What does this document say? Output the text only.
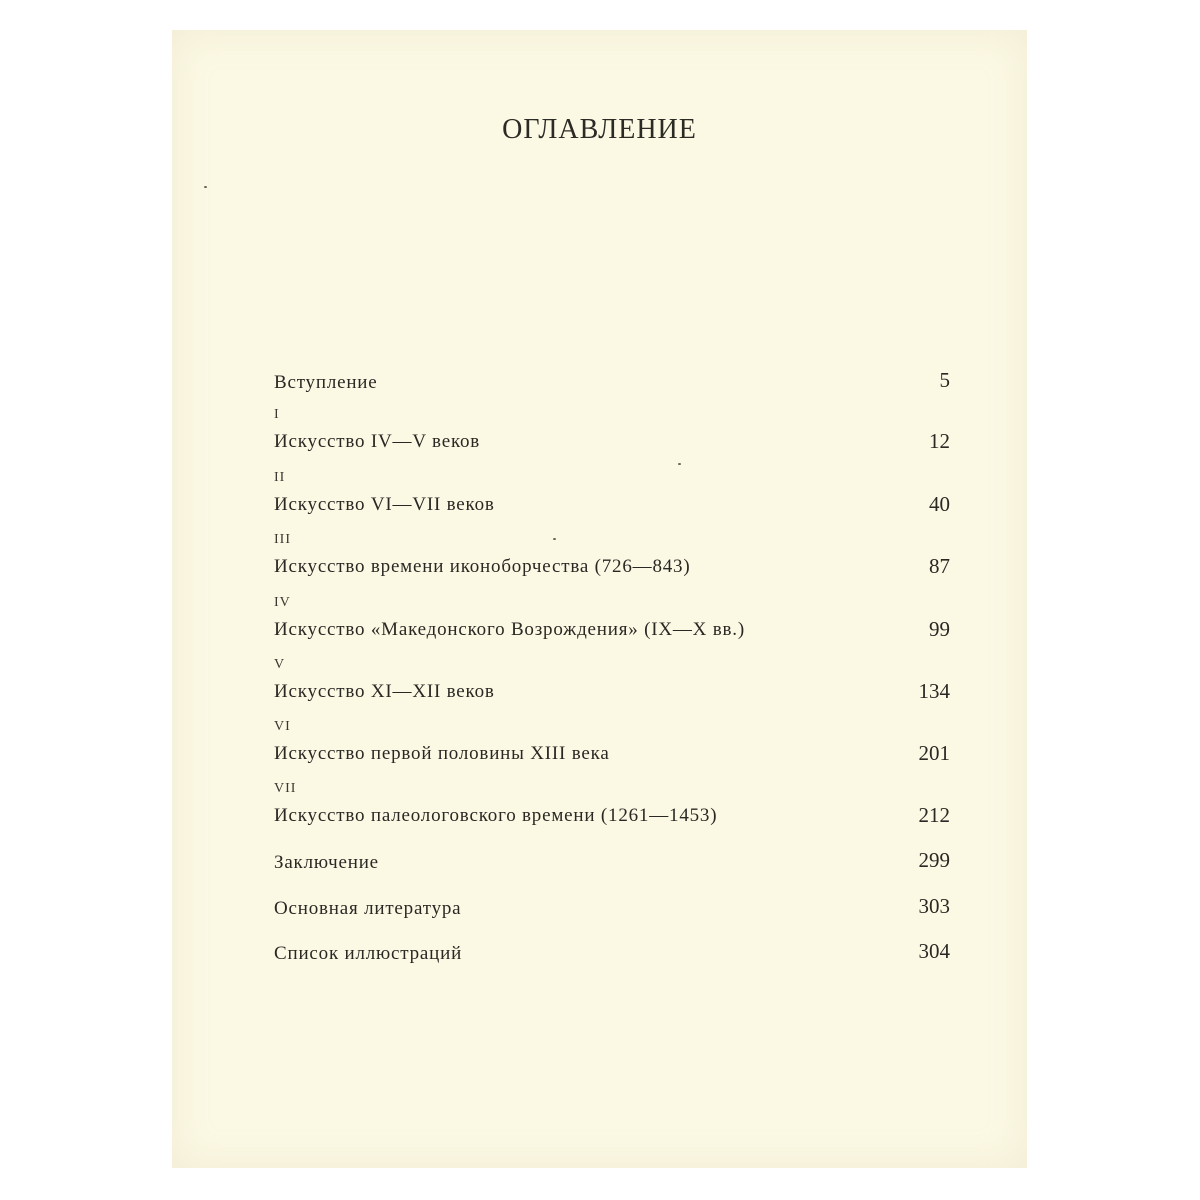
ОГЛАВЛЕНИЕ
Вступление	5
I
Искусство IV—V веков	12
II
Искусство VI—VII веков	40
III
Искусство времени иконоборчества (726—843)	87
IV
Искусство «Македонского Возрождения» (IX—X вв.)	99
V
Искусство XI—XII веков	134
VI
Искусство первой половины XIII века	201
VII
Искусство палеологовского времени (1261—1453)	212
Заключение	299
Основная литература	303
Список иллюстраций	304
